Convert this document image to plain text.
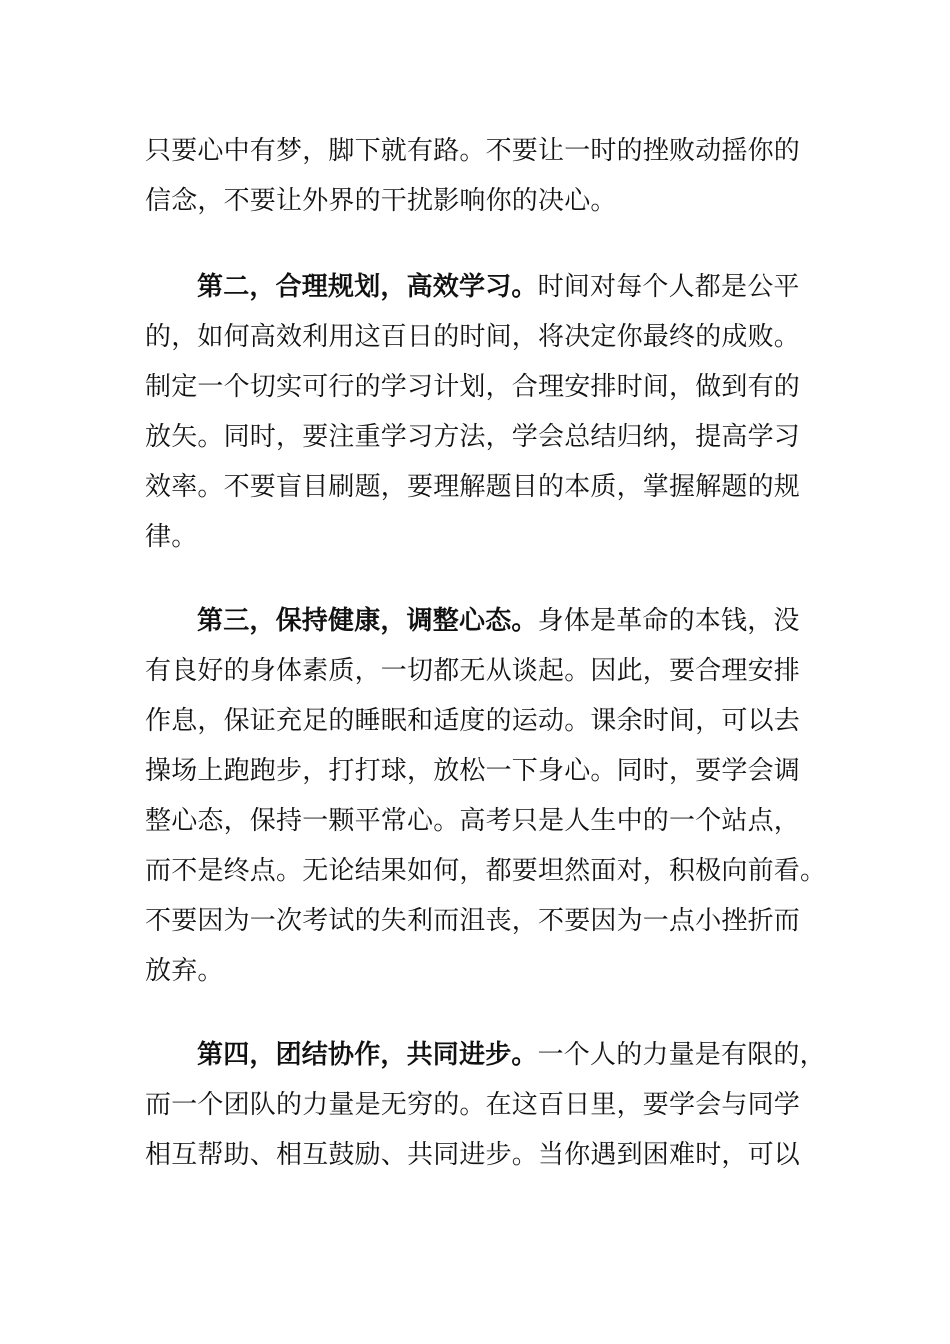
只要心中有梦，脚下就有路。不要让一时的挫败动摇你的
信念，不要让外界的干扰影响你的决心。
第二，合理规划，高效学习。时间对每个人都是公平
的，如何高效利用这百日的时间，将决定你最终的成败。
制定一个切实可行的学习计划，合理安排时间，做到有的
放矢。同时，要注重学习方法，学会总结归纳，提高学习
效率。不要盲目刷题，要理解题目的本质，掌握解题的规
律。
第三，保持健康，调整心态。身体是革命的本钱，没
有良好的身体素质，一切都无从谈起。因此，要合理安排
作息，保证充足的睡眠和适度的运动。课余时间，可以去
操场上跑跑步，打打球，放松一下身心。同时，要学会调
整心态，保持一颗平常心。高考只是人生中的一个站点，
而不是终点。无论结果如何，都要坦然面对，积极向前看。
不要因为一次考试的失利而沮丧，不要因为一点小挫折而
放弃。
第四，团结协作，共同进步。一个人的力量是有限的，
而一个团队的力量是无穷的。在这百日里，要学会与同学
相互帮助、相互鼓励、共同进步。当你遇到困难时，可以
